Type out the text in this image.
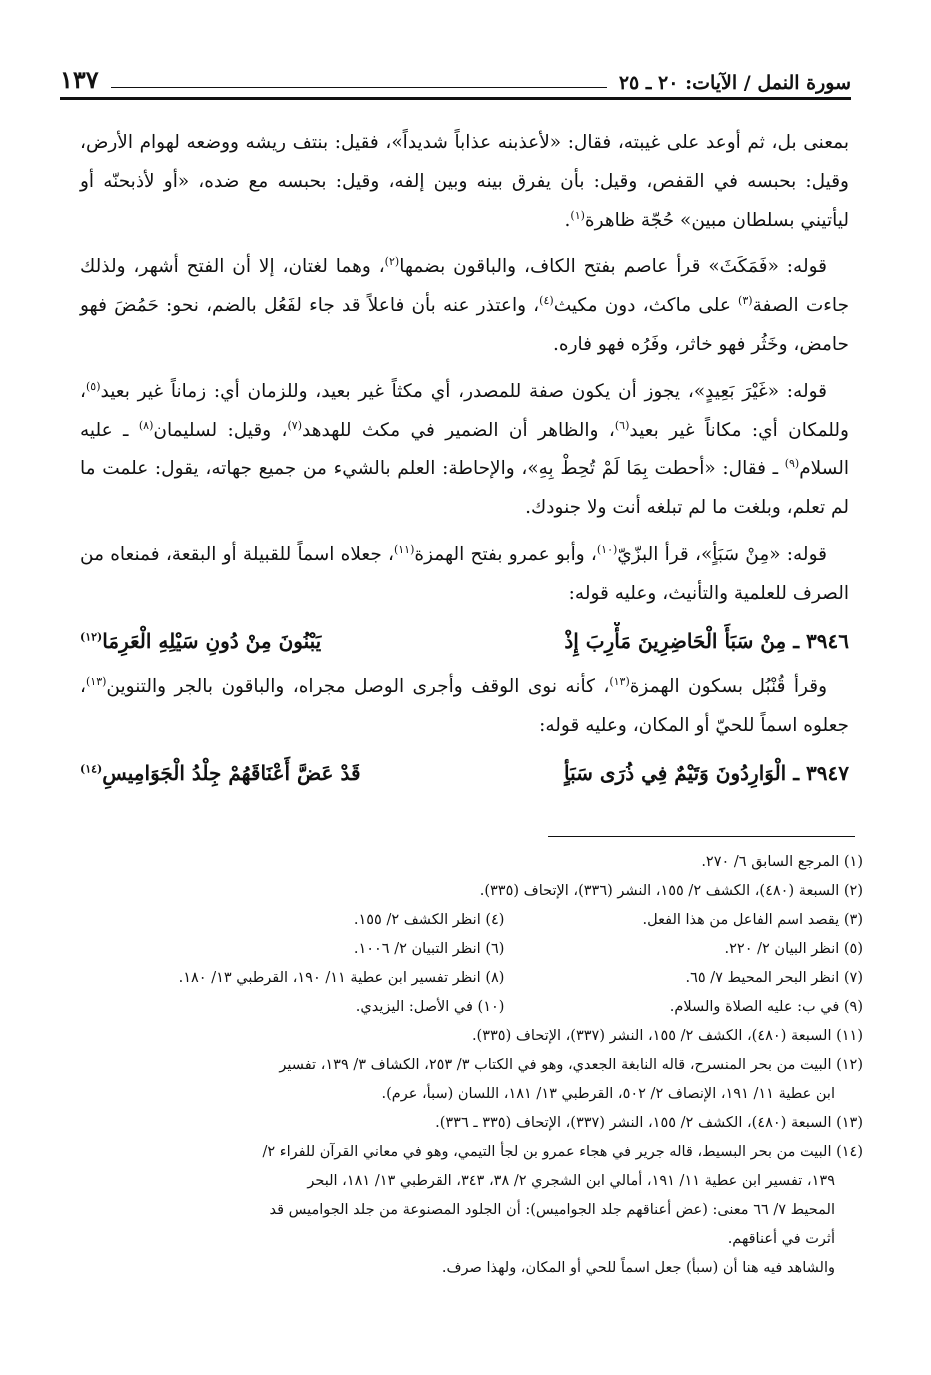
سورة النمل / الآيات: ٢٠ ـ ٢٥
١٣٧

بمعنى بل، ثم أوعد على غيبته، فقال: «لأعذبنه عذاباً شديداً»، فقيل: بنتف ريشه ووضعه لهوام الأرض، وقيل: بحبسه في القفص، وقيل: بأن يفرق بينه وبين إلفه، وقيل: بحبسه مع ضده، «أو لأذبحنّه أو ليأتيني بسلطان مبين» حُجّة ظاهرة$^{(١)}$.

قوله: «فَمَكَثَ» قرأ عاصم بفتح الكاف، والباقون بضمها$^{(٢)}$، وهما لغتان، إلا أن الفتح أشهر، ولذلك جاءت الصفة$^{(٣)}$ على ماكث، دون مكيث$^{(٤)}$، واعتذر عنه بأن فاعلاً قد جاء لفَعُل بالضم، نحو: حَمُضَ فهو حامض، وخَثُر فهو خاثر، وفَرُه فهو فاره.

قوله: «غَيْرَ بَعِيدٍ»، يجوز أن يكون صفة للمصدر، أي مكثاً غير بعيد، وللزمان أي: زماناً غير بعيد$^{(٥)}$، وللمكان أي: مكاناً غير بعيد$^{(٦)}$، والظاهر أن الضمير في مكث للهدهد$^{(٧)}$، وقيل: لسليمان$^{(٨)}$ ـ عليه السلام$^{(٩)}$ ـ فقال: «أحطت بِمَا لَمْ تُحِطْ بِهِ»، والإحاطة: العلم بالشيء من جميع جهاته، يقول: علمت ما لم تعلم، وبلغت ما لم تبلغه أنت ولا جنودك.

قوله: «مِنْ سَبَأٍ»، قرأ البزّيّ$^{(١٠)}$، وأبو عمرو بفتح الهمزة$^{(١١)}$، جعلاه اسماً للقبيلة أو البقعة، فمنعاه من الصرف للعلمية والتأنيث، وعليه قوله:

٣٩٤٦ ـ مِنْ سَبَأَ الْحَاضِرِينَ مَأْرِبَ إِذْ
يَبْنُونَ مِنْ دُونِ سَيْلِهِ الْعَرِمَا$^{(١٢)}$

وقرأ قُنْبُل بسكون الهمزة$^{(١٣)}$، كأنه نوى الوقف وأجرى الوصل مجراه، والباقون بالجر والتنوين$^{(١٣)}$، جعلوه اسماً للحيّ أو المكان، وعليه قوله:

٣٩٤٧ ـ الْوَارِدُونَ وَتَيْمٌ فِي ذُرَى سَبَأٍ
قَدْ عَضَّ أَعْنَاقَهُمْ جِلْدُ الْجَوَامِيسِ$^{(١٤)}$
(١) المرجع السابق ٦/ ٢٧٠.
(٢) السبعة (٤٨٠)، الكشف ٢/ ١٥٥، النشر (٣٣٦)، الإتحاف (٣٣٥).
(٣) يقصد اسم الفاعل من هذا الفعل.
(٤) انظر الكشف ٢/ ١٥٥.
(٥) انظر البيان ٢/ ٢٢٠.
(٦) انظر التبيان ٢/ ١٠٠٦.
(٧) انظر البحر المحيط ٧/ ٦٥.
(٨) انظر تفسير ابن عطية ١١/ ١٩٠، القرطبي ١٣/ ١٨٠.
(٩) في ب: عليه الصلاة والسلام.
(١٠) في الأصل: اليزيدي.
(١١) السبعة (٤٨٠)، الكشف ٢/ ١٥٥، النشر (٣٣٧)، الإتحاف (٣٣٥).
(١٢) البيت من بحر المنسرح، قاله النابغة الجعدي، وهو في الكتاب ٣/ ٢٥٣، الكشاف ٣/ ١٣٩، تفسير
ابن عطية ١١/ ١٩١، الإنصاف ٢/ ٥٠٢، القرطبي ١٣/ ١٨١، اللسان (سبأ، عرم).
(١٣) السبعة (٤٨٠)، الكشف ٢/ ١٥٥، النشر (٣٣٧)، الإتحاف (٣٣٥ ـ ٣٣٦).
(١٤) البيت من بحر البسيط، قاله جرير في هجاء عمرو بن لجأ التيمي، وهو في معاني القرآن للفراء ٢/
١٣٩، تفسير ابن عطية ١١/ ١٩١، أمالي ابن الشجري ٢/ ٣٨، ٣٤٣، القرطبي ١٣/ ١٨١، البحر
المحيط ٧/ ٦٦ معنى: (عض أعناقهم جلد الجواميس): أن الجلود المصنوعة من جلد الجواميس قد
أثرت في أعناقهم.
والشاهد فيه هنا أن (سبأ) جعل اسماً للحي أو المكان، ولهذا صرف.
